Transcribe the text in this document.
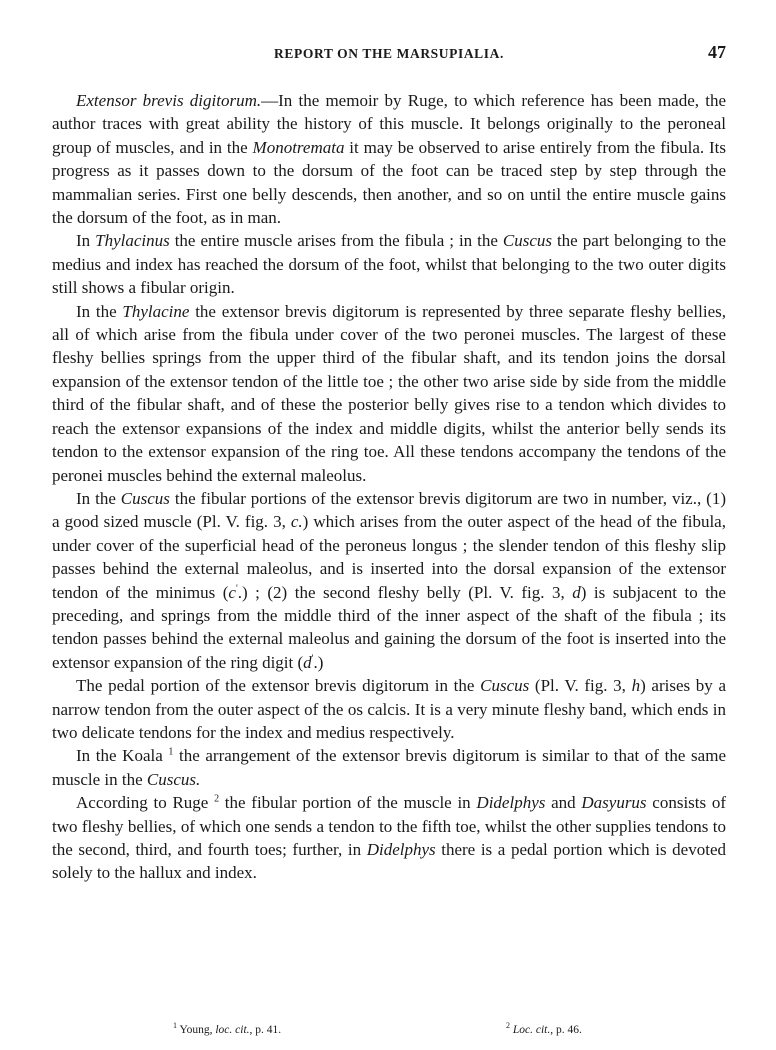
REPORT ON THE MARSUPIALIA.	47

Extensor brevis digitorum.—In the memoir by Ruge, to which reference has been made, the author traces with great ability the history of this muscle. It belongs originally to the peroneal group of muscles, and in the Monotremata it may be observed to arise entirely from the fibula. Its progress as it passes down to the dorsum of the foot can be traced step by step through the mammalian series. First one belly descends, then another, and so on until the entire muscle gains the dorsum of the foot, as in man.

In Thylacinus the entire muscle arises from the fibula ; in the Cuscus the part belonging to the medius and index has reached the dorsum of the foot, whilst that belonging to the two outer digits still shows a fibular origin.

In the Thylacine the extensor brevis digitorum is represented by three separate fleshy bellies, all of which arise from the fibula under cover of the two peronei muscles. The largest of these fleshy bellies springs from the upper third of the fibular shaft, and its tendon joins the dorsal expansion of the extensor tendon of the little toe ; the other two arise side by side from the middle third of the fibular shaft, and of these the posterior belly gives rise to a tendon which divides to reach the extensor expansions of the index and middle digits, whilst the anterior belly sends its tendon to the extensor expansion of the ring toe. All these tendons accompany the tendons of the peronei muscles behind the external maleolus.

In the Cuscus the fibular portions of the extensor brevis digitorum are two in number, viz., (1) a good sized muscle (Pl. V. fig. 3, c.) which arises from the outer aspect of the head of the fibula, under cover of the superficial head of the peroneus longus ; the slender tendon of this fleshy slip passes behind the external maleolus, and is inserted into the dorsal expansion of the extensor tendon of the minimus (c'.) ; (2) the second fleshy belly (Pl. V. fig. 3, d) is subjacent to the preceding, and springs from the middle third of the inner aspect of the shaft of the fibula ; its tendon passes behind the external maleolus and gaining the dorsum of the foot is inserted into the extensor expansion of the ring digit (d'.)

The pedal portion of the extensor brevis digitorum in the Cuscus (Pl. V. fig. 3, h) arises by a narrow tendon from the outer aspect of the os calcis. It is a very minute fleshy band, which ends in two delicate tendons for the index and medius respectively.

In the Koala $^1$ the arrangement of the extensor brevis digitorum is similar to that of the same muscle in the Cuscus.

According to Ruge $^2$ the fibular portion of the muscle in Didelphys and Dasyurus consists of two fleshy bellies, of which one sends a tendon to the fifth toe, whilst the other supplies tendons to the second, third, and fourth toes; further, in Didelphys there is a pedal portion which is devoted solely to the hallux and index.

$^1$ Young, loc. cit., p. 41.	$^2$ Loc. cit., p. 46.
